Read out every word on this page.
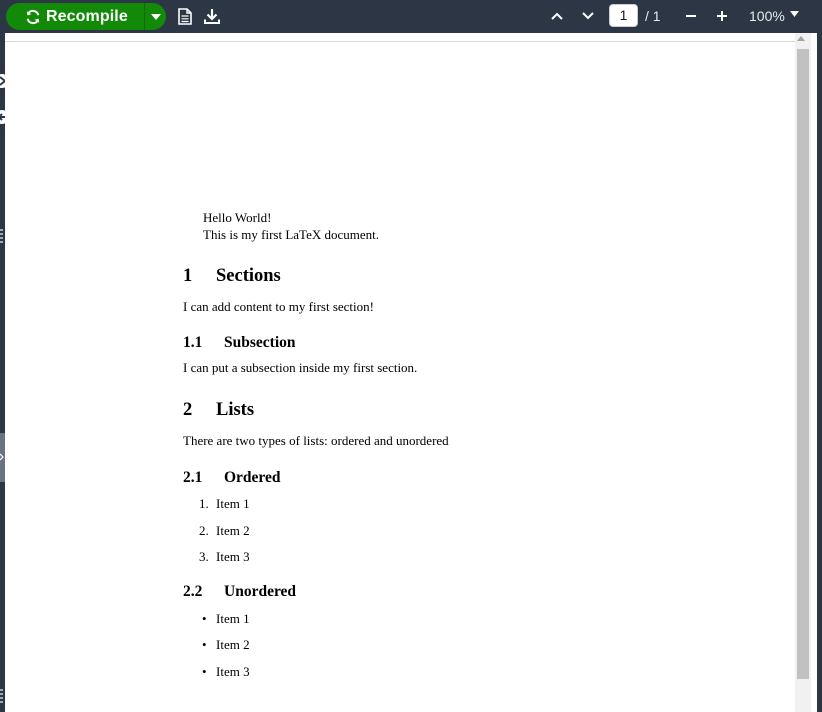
Recompile	1	/ 1	100%
Hello World!
This is my first LaTeX document.
1 Sections
I can add content to my first section!
1.1 Subsection
I can put a subsection inside my first section.
2 Lists
There are two types of lists: ordered and unordered
2.1 Ordered
1. Item 1
2. Item 2
3. Item 3
2.2 Unordered
• Item 1
• Item 2
• Item 3
